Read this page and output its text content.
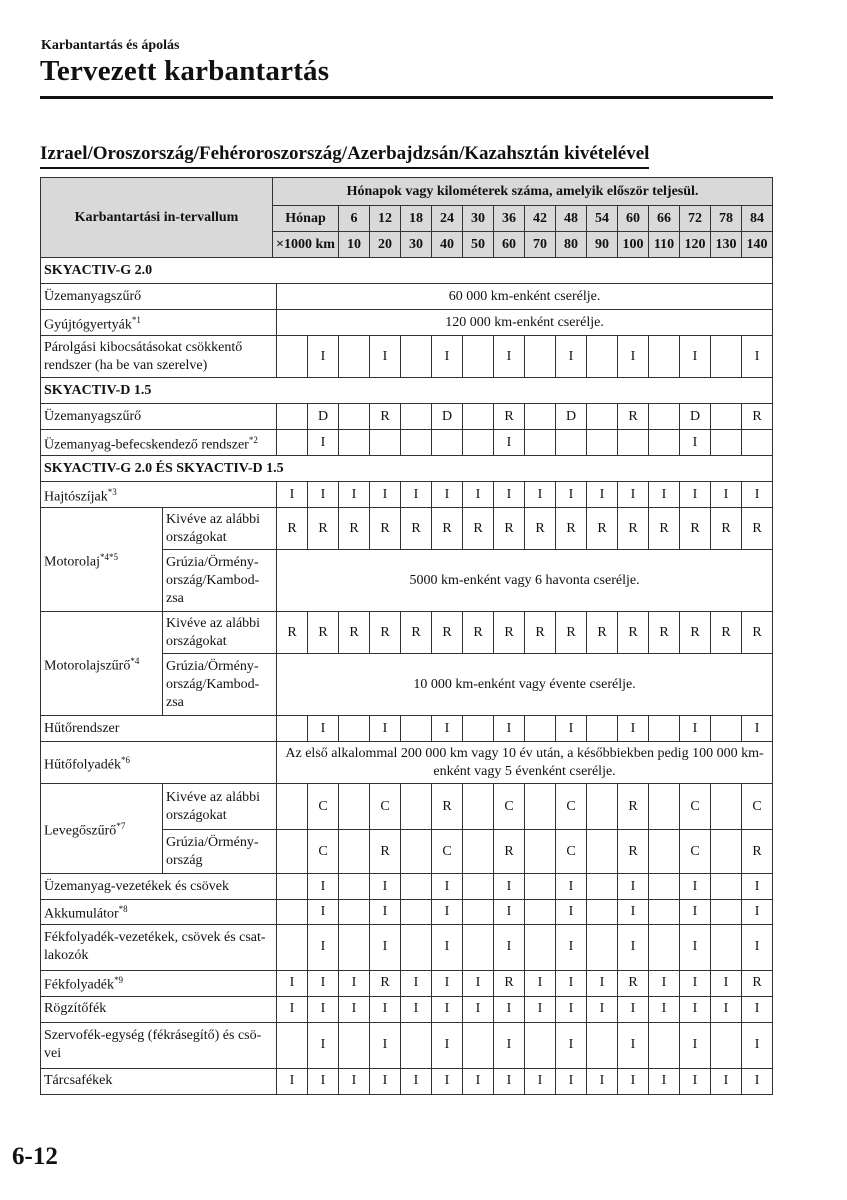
Karbantartás és ápolás
Tervezett karbantartás
Izrael/Oroszország/Fehéroroszország/Azerbajdzsán/Kazahsztán kivételével
Karbantartási in-tervallum		Hónapok vagy kilométerek száma, amelyik először teljesül.																	
		Hónap			6	12	18	24	30	36	42	48	54	60	66	72	78	84		
		×1000 km			10	20	30	40	50	60	70	80	90	100	110	120	130	140		
SKYACTIV-G 2.0																			
Üzemanyagszűrő			60 000 km-enként cserélje.																
Gyújtógyertyák$^{*1}$			120 000 km-enként cserélje.																
Párolgási kibocsátásokat csökkentő rendszer (ha be van szerelve)				I		I		I		I		I		I		I		I	
SKYACTIV-D 1.5																			
Üzemanyagszűrő				D		R		D		R		D		R		D		R	
Üzemanyag-befecskendező rendszer$^{*2}$				I						I						I			
SKYACTIV-G 2.0 ÉS SKYACTIV-D 1.5																			
Hajtószíjak$^{*3}$			I	I	I	I	I	I	I	I	I	I	I	I	I	I	I	I	
Motorolaj$^{*4*5}$	Kivéve az alábbi országokat		R	R	R	R	R	R	R	R	R	R	R	R	R	R	R	R	
	Grúzia/Örmény-ország/Kambod-zsa		5000 km-enként vagy 6 havonta cserélje.																
Motorolajszűrő$^{*4}$	Kivéve az alábbi országokat		R	R	R	R	R	R	R	R	R	R	R	R	R	R	R	R	
	Grúzia/Örmény-ország/Kambod-zsa		10 000 km-enként vagy évente cserélje.																
Hűtőrendszer				I		I		I		I		I		I		I		I	
Hűtőfolyadék$^{*6}$			Az első alkalommal 200 000 km vagy 10 év után, a későbbiekben pedig 100 000 km-enként vagy 5 évenként cserélje.																
Levegőszűrő$^{*7}$	Kivéve az alábbi országokat			C		C		R		C		C		R		C		C	
	Grúzia/Örmény-ország			C		R		C		R		C		R		C		R	
Üzemanyag-vezetékek és csövek				I		I		I		I		I		I		I		I	
Akkumulátor$^{*8}$				I		I		I		I		I		I		I		I	
Fékfolyadék-vezetékek, csövek és csat-lakozók				I		I		I		I		I		I		I		I	
Fékfolyadék$^{*9}$			I	I	I	R	I	I	I	R	I	I	I	R	I	I	I	R	
Rögzítőfék			I	I	I	I	I	I	I	I	I	I	I	I	I	I	I	I	
Szervofék-egység (fékrásegítő) és csö-vei				I		I		I		I		I		I		I		I	
Tárcsafékek			I	I	I	I	I	I	I	I	I	I	I	I	I	I	I	I	
6-12
